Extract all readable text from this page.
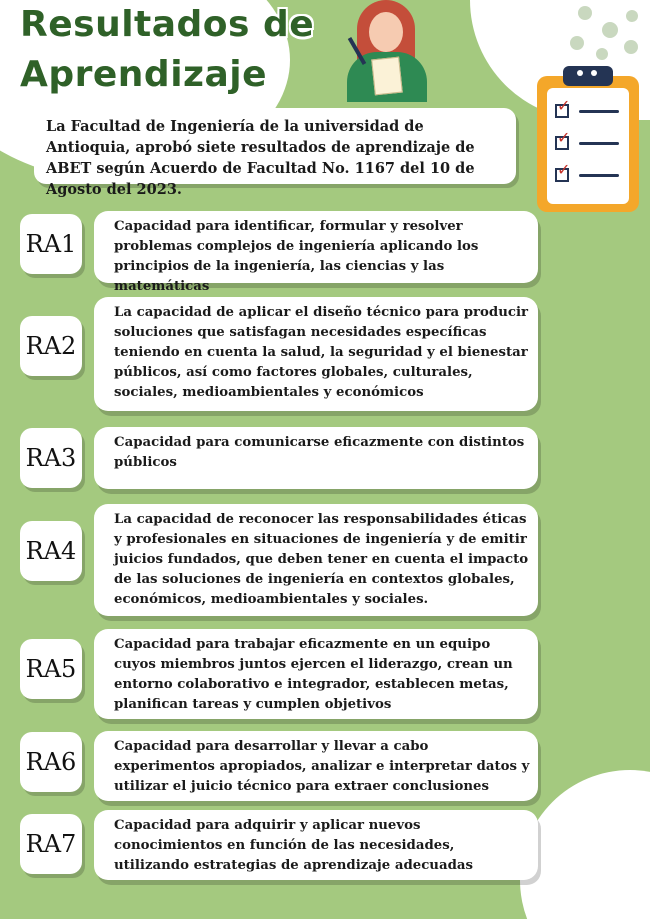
Resultados de
Aprendizaje
✓
✓
✓
La Facultad de Ingeniería de la universidad de Antioquia, aprobó siete resultados de aprendizaje de ABET según Acuerdo de Facultad No. 1167 del 10 de Agosto del 2023.
RA1
Capacidad para identificar, formular y resolver problemas complejos de ingeniería aplicando los principios de la ingeniería, las ciencias y las matemáticas
RA2
La capacidad de aplicar el diseño técnico para producir soluciones que satisfagan necesidades específicas teniendo en cuenta la salud, la seguridad y el bienestar públicos, así como factores globales, culturales, sociales, medioambientales y económicos
RA3
Capacidad para comunicarse eficazmente con distintos públicos
RA4
La capacidad de reconocer las responsabilidades éticas y profesionales en situaciones de ingeniería y de emitir juicios fundados, que deben tener en cuenta el impacto de las soluciones de ingeniería en contextos globales, económicos, medioambientales y sociales.
RA5
Capacidad para trabajar eficazmente en un equipo cuyos miembros juntos ejercen el liderazgo, crean un entorno colaborativo e integrador, establecen metas, planifican tareas y cumplen objetivos
RA6
Capacidad para desarrollar y llevar a cabo experimentos apropiados, analizar e interpretar datos y utilizar el juicio técnico para extraer conclusiones
RA7
Capacidad para adquirir y aplicar nuevos conocimientos en función de las necesidades, utilizando estrategias de aprendizaje adecuadas
